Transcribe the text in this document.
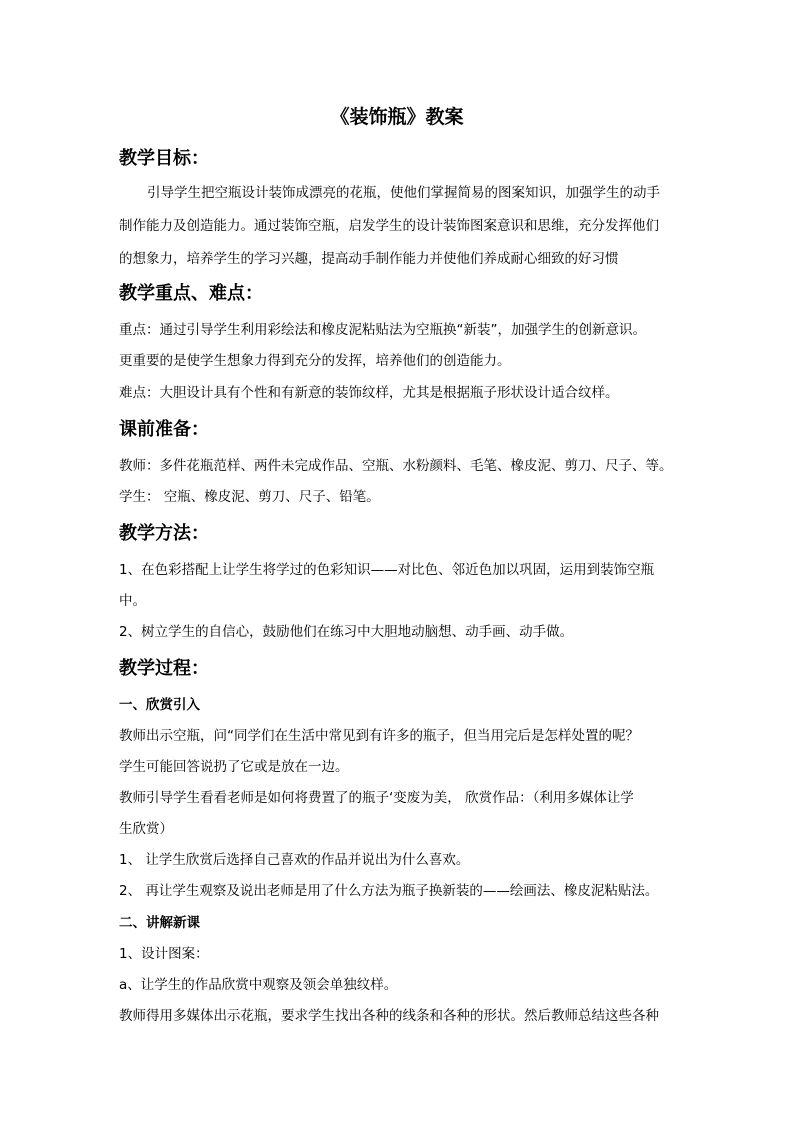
《装饰瓶》教案
教学目标：
引导学生把空瓶设计装饰成漂亮的花瓶，使他们掌握简易的图案知识，加强学生的动手
制作能力及创造能力。通过装饰空瓶，启发学生的设计装饰图案意识和思维，充分发挥他们
的想象力，培养学生的学习兴趣，提高动手制作能力并使他们养成耐心细致的好习惯
教学重点、难点：
重点：通过引导学生利用彩绘法和橡皮泥粘贴法为空瓶换“新装”，加强学生的创新意识。
更重要的是使学生想象力得到充分的发挥，培养他们的创造能力。
难点：大胆设计具有个性和有新意的装饰纹样，尤其是根据瓶子形状设计适合纹样。
课前准备：
教师：多件花瓶范样、两件未完成作品、空瓶、水粉颜料、毛笔、橡皮泥、剪刀、尺子、等。
学生： 空瓶、橡皮泥、剪刀、尺子、铅笔。
教学方法：
1、在色彩搭配上让学生将学过的色彩知识——对比色、邻近色加以巩固，运用到装饰空瓶
中。
2、树立学生的自信心，鼓励他们在练习中大胆地动脑想、动手画、动手做。
教学过程：
一、欣赏引入
教师出示空瓶，问“同学们在生活中常见到有许多的瓶子，但当用完后是怎样处置的呢？
学生可能回答说扔了它或是放在一边。
教师引导学生看看老师是如何将费置了的瓶子‘变废为美， 欣赏作品：（利用多媒体让学
生欣赏）
1、 让学生欣赏后选择自己喜欢的作品并说出为什么喜欢。
2、 再让学生观察及说出老师是用了什么方法为瓶子换新装的——绘画法、橡皮泥粘贴法。
二、讲解新课
1、设计图案：
a、让学生的作品欣赏中观察及领会单独纹样。
教师得用多媒体出示花瓶，要求学生找出各种的线条和各种的形状。然后教师总结这些各种
